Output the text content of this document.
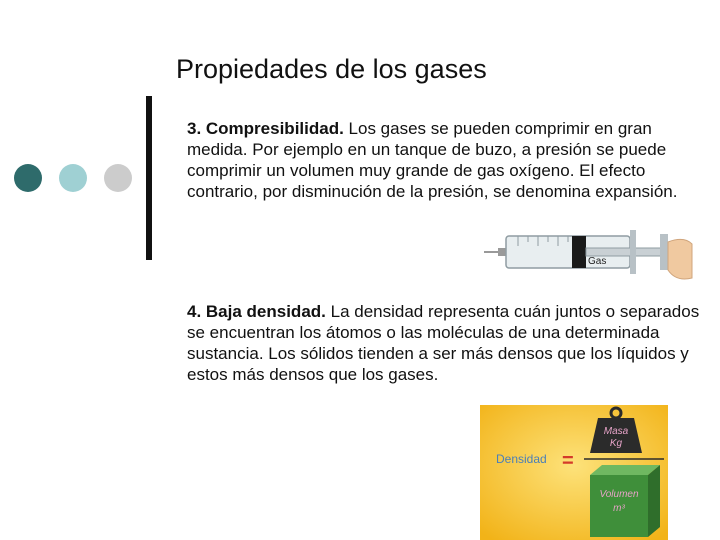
Propiedades de los gases
3. Compresibilidad. Los gases se pueden comprimir en gran medida. Por ejemplo en un tanque de buzo, a presión se puede comprimir un volumen muy grande de gas oxígeno. El efecto contrario, por disminución de la presión, se denomina expansión.
Gas
4. Baja densidad. La densidad representa cuán juntos o separados se encuentran los átomos o las moléculas de una determinada sustancia. Los sólidos tienden a ser más densos que los líquidos y estos más densos que los gases.
Masa
Kg
Densidad =
Volumen
m³
